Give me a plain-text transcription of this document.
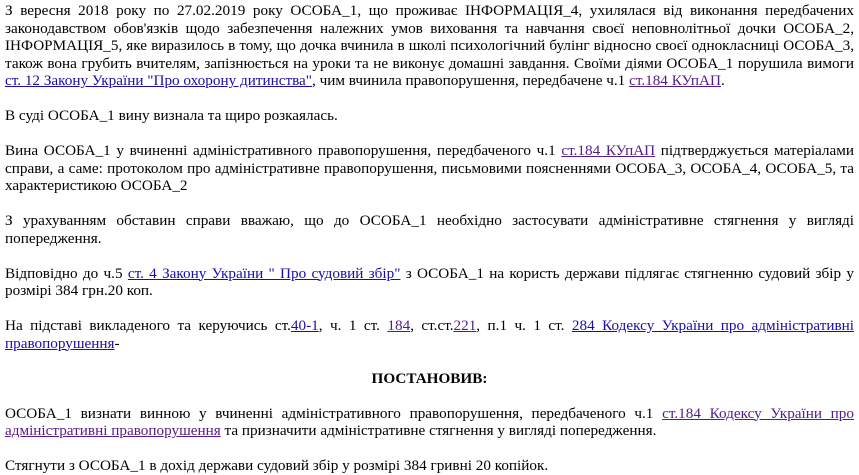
З вересня 2018 року по 27.02.2019 року ОСОБА_1, що проживає ІНФОРМАЦІЯ_4, ухилялася від виконання передбачених законодавством обов'язків щодо забезпечення належних умов виховання та навчання своєї неповнолітньої дочки ОСОБА_2, ІНФОРМАЦІЯ_5, яке виразилось в тому, що дочка вчинила в школі психологічний булінг відносно своєї однокласниці ОСОБА_3, також вона грубить вчителям, запізнюється на уроки та не виконує домашні завдання. Своїми діями ОСОБА_1 порушила вимоги ст. 12 Закону України "Про охорону дитинства", чим вчинила правопорушення, передбачене ч.1 ст.184 КУпАП.

В суді ОСОБА_1 вину визнала та щиро розкаялась.

Вина ОСОБА_1 у вчиненні адміністративного правопорушення, передбаченого ч.1 ст.184 КУпАП підтверджується матеріалами справи, а саме: протоколом про адміністративне правопорушення, письмовими поясненнями ОСОБА_3, ОСОБА_4, ОСОБА_5, та характеристикою ОСОБА_2

З урахуванням обставин справи вважаю, що до ОСОБА_1 необхідно застосувати адміністративне стягнення у вигляді попередження.

Відповідно до ч.5 ст. 4 Закону України " Про судовий збір" з ОСОБА_1 на користь держави підлягає стягненню судовий збір у розмірі 384 грн.20 коп.

На підставі викладеного та керуючись ст.40-1, ч. 1 ст. 184, ст.ст.221, п.1 ч. 1 ст. 284 Кодексу України про адміністративні правопорушення-

ПОСТАНОВИВ:

ОСОБА_1 визнати винною у вчиненні адміністративного правопорушення, передбаченого ч.1 ст.184 Кодексу України про адміністративні правопорушення та призначити адміністративне стягнення у вигляді попередження.

Стягнути з ОСОБА_1 в дохід держави судовий збір у розмірі 384 гривні 20 копійок.
